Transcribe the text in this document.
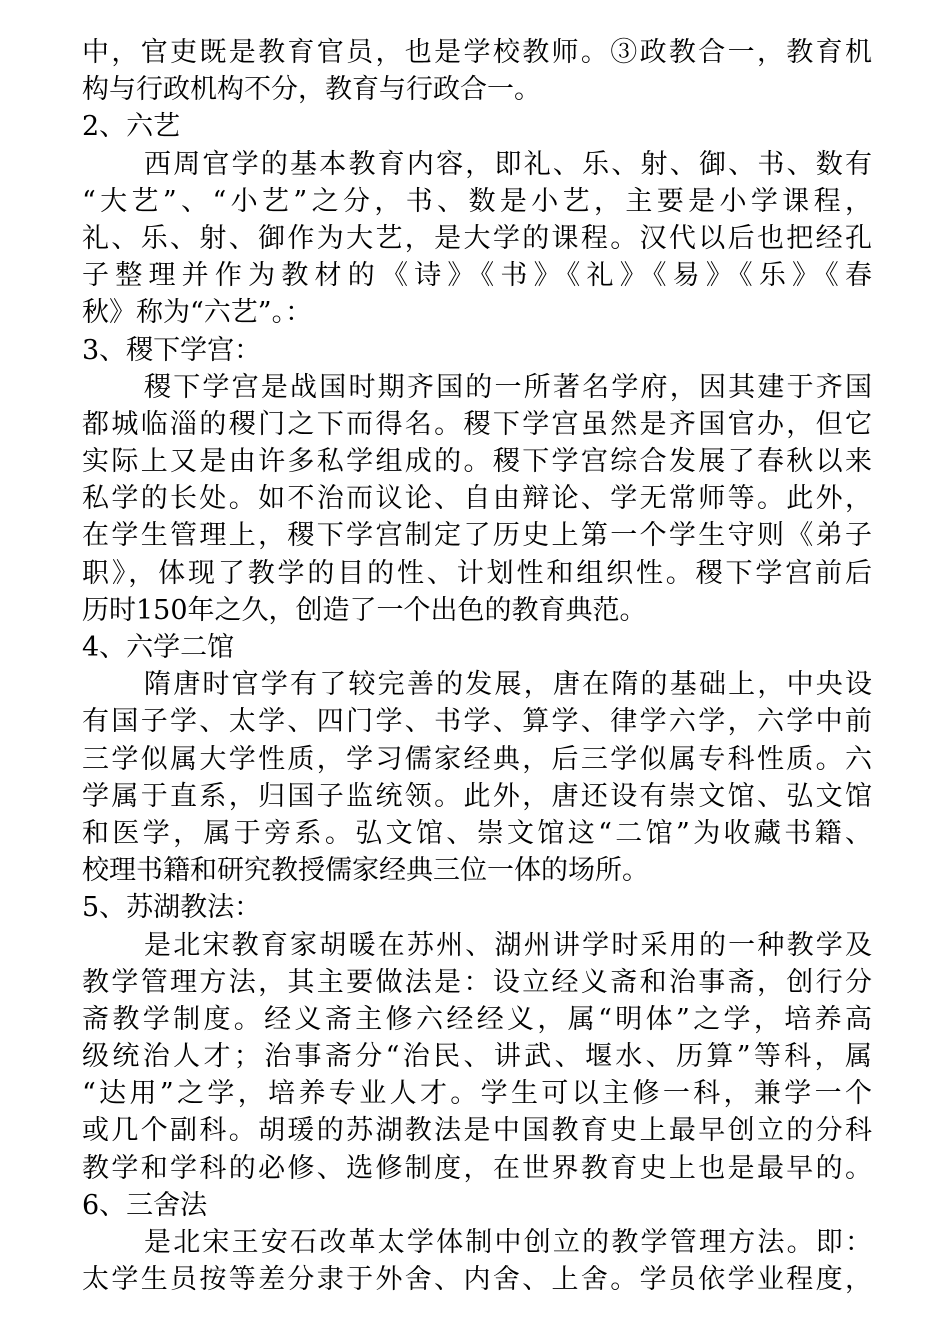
中，官吏既是教育官员，也是学校教师。③政教合一，教育机
构与行政机构不分，教育与行政合一。
2、六艺
西周官学的基本教育内容，即礼、乐、射、御、书、数有
“大艺”、“小艺”之分，书、数是小艺，主要是小学课程，
礼、乐、射、御作为大艺，是大学的课程。汉代以后也把经孔
子整理并作为教材的《诗》《书》《礼》《易》《乐》《春
秋》称为“六艺”。：
3、稷下学宫：
稷下学宫是战国时期齐国的一所著名学府，因其建于齐国
都城临淄的稷门之下而得名。稷下学宫虽然是齐国官办，但它
实际上又是由许多私学组成的。稷下学宫综合发展了春秋以来
私学的长处。如不治而议论、自由辩论、学无常师等。此外，
在学生管理上，稷下学宫制定了历史上第一个学生守则《弟子
职》，体现了教学的目的性、计划性和组织性。稷下学宫前后
历时150年之久，创造了一个出色的教育典范。
4、六学二馆
隋唐时官学有了较完善的发展，唐在隋的基础上，中央设
有国子学、太学、四门学、书学、算学、律学六学，六学中前
三学似属大学性质，学习儒家经典，后三学似属专科性质。六
学属于直系，归国子监统领。此外，唐还设有崇文馆、弘文馆
和医学，属于旁系。弘文馆、崇文馆这“二馆”为收藏书籍、
校理书籍和研究教授儒家经典三位一体的场所。
5、苏湖教法：
是北宋教育家胡暖在苏州、湖州讲学时采用的一种教学及
教学管理方法，其主要做法是：设立经义斋和治事斋，创行分
斋教学制度。经义斋主修六经经义，属“明体”之学，培养高
级统治人才；治事斋分“治民、讲武、堰水、历算”等科，属
“达用”之学，培养专业人才。学生可以主修一科，兼学一个
或几个副科。胡瑗的苏湖教法是中国教育史上最早创立的分科
教学和学科的必修、选修制度，在世界教育史上也是最早的。
6、三舍法
是北宋王安石改革太学体制中创立的教学管理方法。即：
太学生员按等差分隶于外舍、内舍、上舍。学员依学业程度，
